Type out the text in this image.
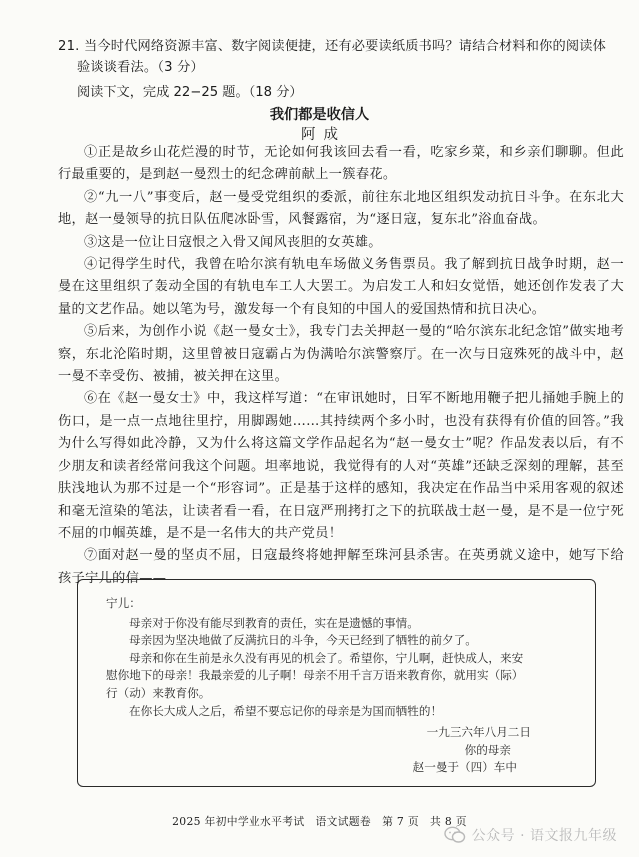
21. 当今时代网络资源丰富、数字阅读便捷，还有必要读纸质书吗？请结合材料和你的阅读体
验谈谈看法。（3 分）
阅读下文，完成 22−25 题。（18 分）
我们都是收信人
阿成

①正是故乡山花烂漫的时节，无论如何我该回去看一看，吃家乡菜，和乡亲们聊聊。但此行最重要的，是到赵一曼烈士的纪念碑前献上一簇春花。

②“九一八”事变后，赵一曼受党组织的委派，前往东北地区组织发动抗日斗争。在东北大地，赵一曼领导的抗日队伍爬冰卧雪，风餐露宿，为“逐日寇，复东北”浴血奋战。

③这是一位让日寇恨之入骨又闻风丧胆的女英雄。

④记得学生时代，我曾在哈尔滨有轨电车场做义务售票员。我了解到抗日战争时期，赵一曼在这里组织了轰动全国的有轨电车工人大罢工。为启发工人和妇女觉悟，她还创作发表了大量的文艺作品。她以笔为号，激发每一个有良知的中国人的爱国热情和抗日决心。

⑤后来，为创作小说《赵一曼女士》，我专门去关押赵一曼的“哈尔滨东北纪念馆”做实地考察，东北沦陷时期，这里曾被日寇霸占为伪满哈尔滨警察厅。在一次与日寇殊死的战斗中，赵一曼不幸受伤、被捕，被关押在这里。

⑥在《赵一曼女士》中，我这样写道：“在审讯她时，日军不断地用鞭子把儿捅她手腕上的伤口，是一点一点地往里拧，用脚踢她……其持续两个多小时，也没有获得有价值的回答。”我为什么写得如此冷静，又为什么将这篇文学作品起名为“赵一曼女士”呢？作品发表以后，有不少朋友和读者经常问我这个问题。坦率地说，我觉得有的人对“英雄”还缺乏深刻的理解，甚至肤浅地认为那不过是一个“形容词”。正是基于这样的感知，我决定在作品当中采用客观的叙述和毫无渲染的笔法，让读者看一看，在日寇严刑拷打之下的抗联战士赵一曼，是不是一位宁死不屈的巾帼英雄，是不是一名伟大的共产党员！

⑦面对赵一曼的坚贞不屈，日寇最终将她押解至珠河县杀害。在英勇就义途中，她写下给孩子宁儿的信——

宁儿：

母亲对于你没有能尽到教育的责任，实在是遗憾的事情。

母亲因为坚决地做了反满抗日的斗争，今天已经到了牺牲的前夕了。

母亲和你在生前是永久没有再见的机会了。希望你，宁儿啊，赶快成人，来安

慰你地下的母亲！我最亲爱的儿子啊！母亲不用千言万语来教育你，就用实（际）

行（动）来教育你。

在你长大成人之后，希望不要忘记你的母亲是为国而牺牲的！

一九三六年八月二日

你的母亲

赵一曼于（四）车中

2025 年初中学业水平考试　语文试题卷　第 7 页　共 8 页
公众号 · 语文报九年级
